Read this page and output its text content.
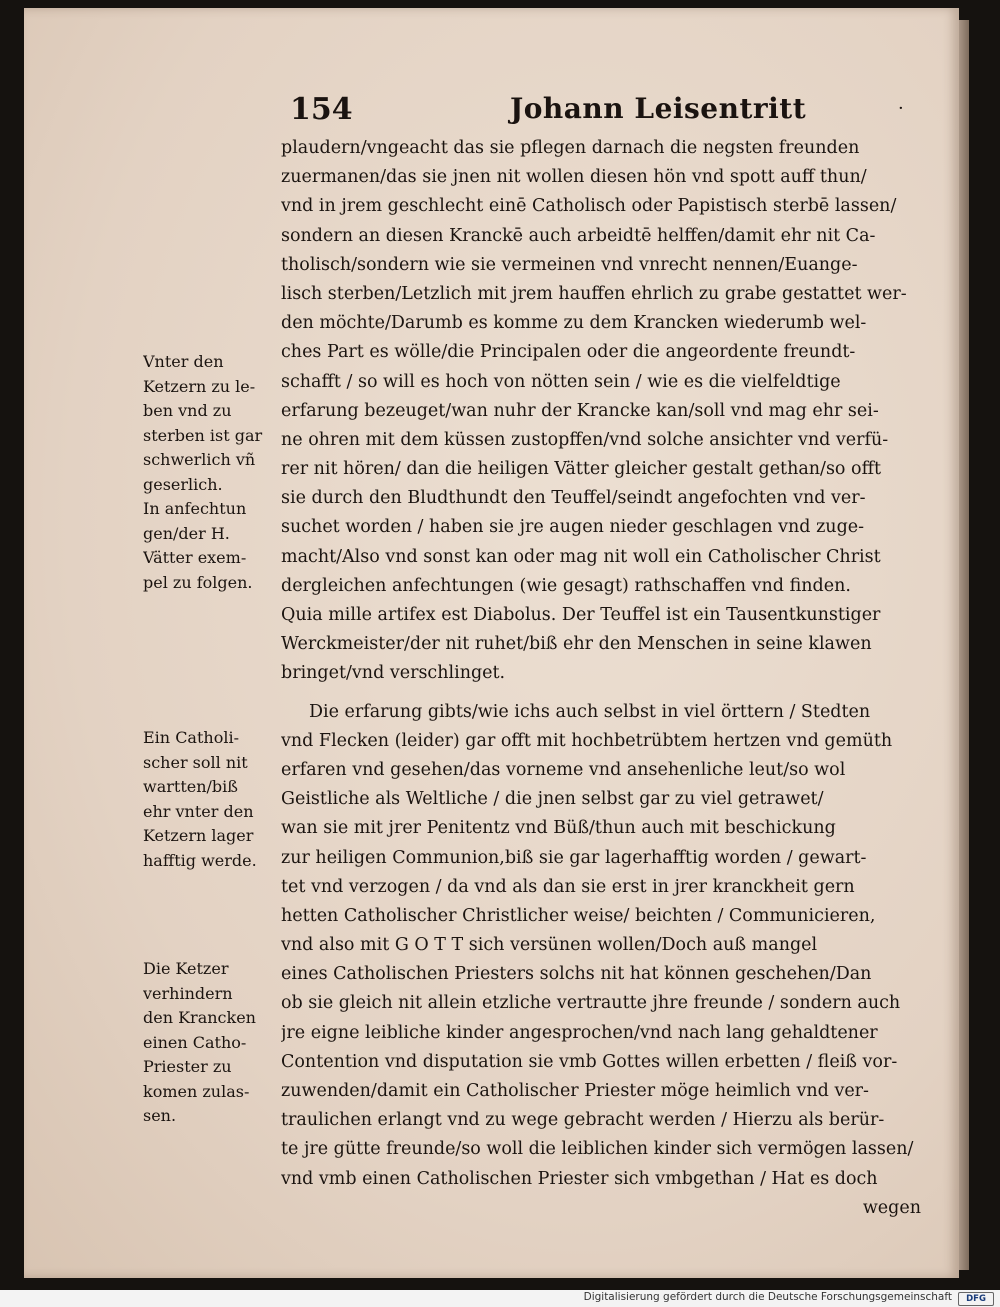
154	Johann Leisentritt	·
plaudern/vngeacht das sie pflegen darnach die negsten freunden
zuermanen/das sie jnen nit wollen diesen hön vnd spott auff thun/
vnd in jrem geschlecht einē Catholisch oder Papistisch sterbē lassen/
sondern an diesen Kranckē auch arbeidtē helffen/damit ehr nit Ca-
tholisch/sondern wie sie vermeinen vnd vnrecht nennen/Euange-
lisch sterben/Letzlich mit jrem hauffen ehrlich zu grabe gestattet wer-
den möchte/Darumb es komme zu dem Krancken wiederumb wel-
ches Part es wölle/die Principalen oder die angeordente freundt-
schafft / so will es hoch von nötten sein / wie es die vielfeldtige
erfarung bezeuget/wan nuhr der Krancke kan/soll vnd mag ehr sei-
ne ohren mit dem küssen zustopffen/vnd solche ansichter vnd verfü-
rer nit hören/ dan die heiligen Vätter gleicher gestalt gethan/so offt
sie durch den Bludthundt den Teuffel/seindt angefochten vnd ver-
suchet worden / haben sie jre augen nieder geschlagen vnd zuge-
macht/Also vnd sonst kan oder mag nit woll ein Catholischer Christ
dergleichen anfechtungen (wie gesagt) rathschaffen vnd finden.
Quia mille artifex est Diabolus. Der Teuffel ist ein Tausentkunstiger
Werckmeister/der nit ruhet/biß ehr den Menschen in seine klawen
bringet/vnd verschlinget.
Die erfarung gibts/wie ichs auch selbst in viel örttern / Stedten
vnd Flecken (leider) gar offt mit hochbetrübtem hertzen vnd gemüth
erfaren vnd gesehen/das vorneme vnd ansehenliche leut/so wol
Geistliche als Weltliche / die jnen selbst gar zu viel getrawet/
wan sie mit jrer Penitentz vnd Büß/thun auch mit beschickung
zur heiligen Communion,biß sie gar lagerhafftig worden / gewart-
tet vnd verzogen / da vnd als dan sie erst in jrer kranckheit gern
hetten Catholischer Christlicher weise/ beichten / Communicieren,
vnd also mit G O T T sich versünen wollen/Doch auß mangel
eines Catholischen Priesters solchs nit hat können geschehen/Dan
ob sie gleich nit allein etzliche vertrautte jhre freunde / sondern auch
jre eigne leibliche kinder angesprochen/vnd nach lang gehaldtener
Contention vnd disputation sie vmb Gottes willen erbetten / fleiß vor-
zuwenden/damit ein Catholischer Priester möge heimlich vnd ver-
traulichen erlangt vnd zu wege gebracht werden / Hierzu als berür-
te jre gütte freunde/so woll die leiblichen kinder sich vermögen lassen/
vnd vmb einen Catholischen Priester sich vmbgethan / Hat es doch
wegen
Vnter den
Ketzern zu le-
ben vnd zu
sterben ist gar
schwerlich vñ
geserlich.
In anfechtun
gen/der H.
Vätter exem-
pel zu folgen.
Ein Catholi-
scher soll nit
wartten/biß
ehr vnter den
Ketzern lager
hafftig werde.
Die Ketzer
verhindern
den Krancken
einen Catho-
Priester zu
komen zulas-
sen.
Digitalisierung gefördert durch die Deutsche Forschungsgemeinschaft	DFG
